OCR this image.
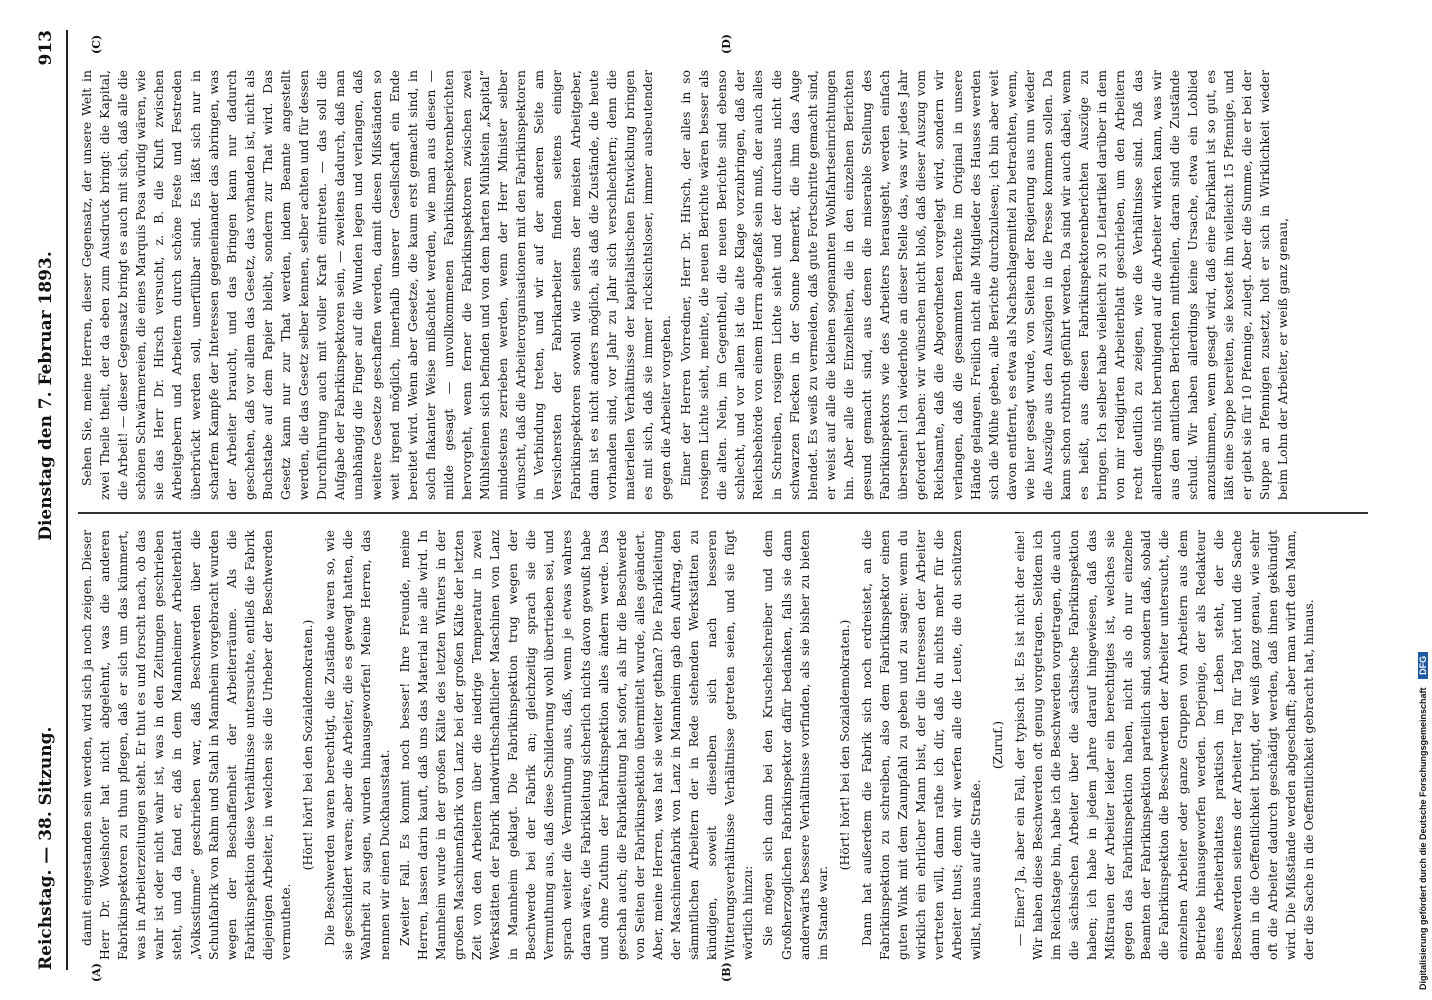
Reichstag. — 38. Sitzung.
Dienstag den 7. Februar 1893.
913
(A)	(B)
(C)	(D)

damit eingestanden sein werden, wird sich ja noch zeigen. Dieser Herr Dr. Woeishofer hat nicht abgelehnt, was die anderen Fabrikinspektoren zu thun pflegen, daß er sich um das kümmert, was in Arbeiterzeitungen steht. Er thut es und forscht nach, ob das wahr ist oder nicht wahr ist, was in den Zeitungen geschrieben steht, und da fand er, daß in dem Mannheimer Arbeiterblatt „Volksstimme“ geschrieben war, daß Beschwerden über die Schuhfabrik von Rahm und Stahl in Mannheim vorgebracht wurden wegen der Beschaffenheit der Arbeiterräume. Als die Fabrikinspektion diese Verhältnisse untersuchte, entließ die Fabrik diejenigen Arbeiter, in welchen sie die Urheber der Beschwerden vermuthete.

(Hört! hört! bei den Sozialdemokraten.) Die Beschwerden waren berechtigt, die Zustände waren so, wie sie geschildert waren; aber die Arbeiter, die es gewagt hatten, die Wahrheit zu sagen, wurden hinausgeworfen! Meine Herren, das nennen wir einen Duckhausstaat. Zweiter Fall. Es kommt noch besser! Ihre Freunde, meine Herren, lassen darin kauft, daß uns das Material nie alle wird. In Mannheim wurde in der großen Kälte des letzten Winters in der großen Maschinenfabrik von Lanz bei der großen Kälte der letzten Zeit von den Arbeitern über die niedrige Temperatur in zwei Werkstätten der Fabrik landwirthschaftlicher Maschinen von Lanz in Mannheim geklagt. Die Fabrikinspektion trug wegen der Beschwerde bei der Fabrik an; gleichzeitig sprach sie die Vermuthung aus, daß diese Schilderung wohl übertrieben sei, und sprach weiter die Vermuthung aus, daß, wenn je etwas wahres daran wäre, die Fabrikleitung sicherlich nichts davon gewußt habe und ohne Zuthun der Fabrikinspektion alles ändern werde. Das geschah auch; die Fabrikleitung hat sofort, als ihr die Beschwerde von Seiten der Fabrikinspektion übermittelt wurde, alles geändert. Aber, meine Herren, was hat sie weiter gethan? Die Fabrikleitung der Maschinenfabrik von Lanz in Mannheim gab den Auftrag, den sämmtlichen Arbeitern der in Rede stehenden Werkstätten zu kündigen, soweit dieselben sich nach besseren Witterungsverhältnisse Verhältnisse getreten seien, und sie fügt wörtlich hinzu: Sie mögen sich dann bei den Kruschelschreiber und dem Großherzoglichen Fabrikinspektor dafür bedanken, falls sie dann anderwärts bessere Verhältnisse vorfinden, als sie bisher zu bieten im Stande war.

(Hört! hört! bei den Sozialdemokraten.) Dann hat außerdem die Fabrik sich noch erdreistet, an die Fabrikinspektion zu schreiben, also dem Fabrikinspektor einen guten Wink mit dem Zaunpfahl zu geben und zu sagen: wenn du wirklich ein ehrlicher Mann bist, der die Interessen der Arbeiter vertreten will, dann rathe ich dir, daß du nichts mehr für die Arbeiter thust; denn wir werfen alle die Leute, die du schützen willst, hinaus auf die Straße.

(Zuruf.) — Einer? Ja, aber ein Fall, der typisch ist. Es ist nicht der eine! Wir haben diese Beschwerden oft genug vorgetragen. Seitdem ich im Reichstage bin, habe ich die Beschwerden vorgetragen, die auch die sächsischen Arbeiter über die sächsische Fabrikinspektion haben; ich habe in jedem Jahre darauf hingewiesen, daß das Mißtrauen der Arbeiter leider ein berechtigtes ist, welches sie gegen das Fabrikinspektion haben, nicht als ob nur einzelne Beamten der Fabrikinspektion parteilich sind, sondern daß, sobald die Fabrikinspektion die Beschwerden der Arbeiter untersucht, die einzelnen Arbeiter oder ganze Gruppen von Arbeitern aus dem Betriebe hinausgeworfen werden. Derjenige, der als Redakteur eines Arbeiterblattes praktisch im Leben steht, der die Beschwerden seitens der Arbeiter Tag für Tag hört und die Sache dann in die Oeffentlichkeit bringt, der weiß ganz genau, wie sehr oft die Arbeiter dadurch geschädigt werden, daß ihnen gekündigt wird. Die Mißstände werden abgeschafft; aber man wirft den Mann, der die Sache in die Oeffentlichkeit gebracht hat, hinaus.

Sehen Sie, meine Herren, dieser Gegensatz, der unsere Welt in zwei Theile theilt, der da eben zum Ausdruck bringt: die Kapital, die Arbeit! — dieser Gegensatz bringt es auch mit sich, daß alle die schönen Schwärmereien, die eines Marquis Posa würdig wären, wie sie das Herr Dr. Hirsch versucht, z. B. die Kluft zwischen Arbeitgebern und Arbeitern durch schöne Feste und Festreden überbrückt werden soll, unerfüllbar sind. Es läßt sich nur in scharfem Kampfe der Interessen gegeneinander das abringen, was der Arbeiter braucht, und das Bringen kann nur dadurch geschehen, daß vor allem das Gesetz, das vorhanden ist, nicht als Buchstabe auf dem Papier bleibt, sondern zur That wird. Das Gesetz kann nur zur That werden, indem Beamte angestellt werden, die das Gesetz selber kennen, selber achten und für dessen Durchführung auch mit voller Kraft eintreten. — das soll die Aufgabe der Fabrikinspektoren sein, — zweitens dadurch, daß man unabhängig die Finger auf die Wunden legen und verlangen, daß weitere Gesetze geschaffen werden, damit diesen Mißständen so weit irgend möglich, innerhalb unserer Gesellschaft ein Ende bereitet wird. Wenn aber Gesetze, die kaum erst gemacht sind, in solch flakanter Weise mißachtet werden, wie man aus diesen — milde gesagt — unvollkommenen Fabrikinspektorenberichten hervorgeht, wenn ferner die Fabrikinspektoren zwischen zwei Mühlsteinen sich befinden und von dem harten Mühlstein „Kapital“ mindestens zerrieben werden, wenn der Herr Minister selber wünscht, daß die Arbeiterorganisationen mit den Fabrikinspektoren in Verbindung treten, und wir auf der anderen Seite am Versichersten der Fabrikarbeiter finden seitens einiger Fabrikinspektoren sowohl wie seitens der meisten Arbeitgeber, dann ist es nicht anders möglich, als daß die Zustände, die heute vorhanden sind, vor Jahr zu Jahr sich verschlechtern; denn die materiellen Verhältnisse der kapitalistischen Entwicklung bringen es mit sich, daß sie immer rücksichtsloser, immer ausbeutender gegen die Arbeiter vorgehen. Einer der Herren Vorredner, Herr Dr. Hirsch, der alles in so rosigem Lichte sieht, meinte, die neuen Berichte wären besser als die alten. Nein, im Gegentheil, die neuen Berichte sind ebenso schlecht, und vor allem ist die alte Klage vorzubringen, daß der Reichsbehörde von einem Herrn abgefaßt sein muß, der auch alles in Schreiben, rosigem Lichte sieht und der durchaus nicht die schwarzen Flecken in der Sonne bemerkt, die ihm das Auge blendet. Es weiß zu vermeiden, daß gute Fortschritte gemacht sind, er weist auf alle die kleinen sogenannten Wohlfahrtseinrichtungen hin. Aber alle die Einzelheiten, die in den einzelnen Berichten gesund gemacht sind, aus denen die miserable Stellung des Fabrikinspektors wie des Arbeiters herausgeht, werden einfach übersehen! Ich wiederhole an dieser Stelle das, was wir jedes Jahr gefordert haben: wir wünschen nicht bloß, daß dieser Auszug vom Reichsamte, daß die Abgeordneten vorgelegt wird, sondern wir verlangen, daß die gesammten Berichte im Original in unsere Hände gelangen. Freilich nicht alle Mitglieder des Hauses werden sich die Mühe geben, alle Berichte durchzulesen; ich bin aber weit davon entfernt, es etwa als Nachschlagemittel zu betrachten, wenn, wie hier gesagt wurde, von Seiten der Regierung aus nun wieder die Auszüge aus den Auszügen in die Presse kommen sollen. Da kann schon rothroth geführt werden. Da sind wir auch dabei, wenn es heißt, aus diesen Fabrikinspektorenberichten Auszüge zu bringen. Ich selber habe vielleicht zu 30 Leitartikel darüber in dem von mir redigirten Arbeiterblatt geschrieben, um den Arbeitern recht deutlich zu zeigen, wie die Verhältnisse sind. Daß das allerdings nicht beruhigend auf die Arbeiter wirken kann, was wir aus den amtlichen Berichten mittheilen, daran sind die Zustände schuld. Wir haben allerdings keine Ursache, etwa ein Loblied anzustimmen, wenn gesagt wird, daß eine Fabrikant ist so gut, es läßt eine Suppe bereiten, sie kostet ihn vielleicht 15 Pfennige, und er giebt sie für 10 Pfennige, zulegt. Aber die Summe, die er bei der Suppe an Pfennigen zusetzt, holt er sich in Wirklichkeit wieder beim Lohn der Arbeiter, er weiß ganz genau,

Digitalisierung gefördert durch die Deutsche Forschungsgemeinschaft DFG
